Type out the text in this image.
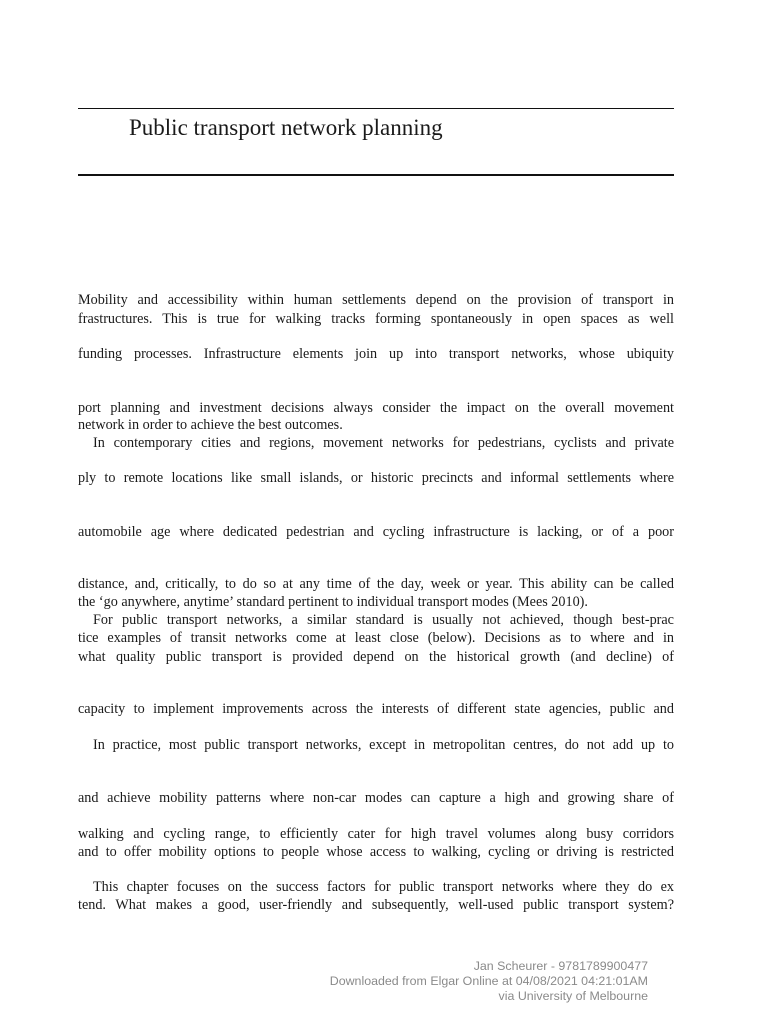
Public transport network planning
Mobility and accessibility within human settlements depend on the provision of transport in
frastructures. This is true for walking tracks forming spontaneously in open spaces as well
funding processes. Infrastructure elements join up into transport networks, whose ubiquity
port planning and investment decisions always consider the impact on the overall movement
network in order to achieve the best outcomes.
In contemporary cities and regions, movement networks for pedestrians, cyclists and private
ply to remote locations like small islands, or historic precincts and informal settlements where
automobile age where dedicated pedestrian and cycling infrastructure is lacking, or of a poor
distance, and, critically, to do so at any time of the day, week or year. This ability can be called
the ‘go anywhere, anytime’ standard pertinent to individual transport modes (Mees 2010).
For public transport networks, a similar standard is usually not achieved, though best-prac
tice examples of transit networks come at least close (below). Decisions as to where and in
what quality public transport is provided depend on the historical growth (and decline) of
capacity to implement improvements across the interests of different state agencies, public and
In practice, most public transport networks, except in metropolitan centres, do not add up to
and achieve mobility patterns where non-car modes can capture a high and growing share of
walking and cycling range, to efficiently cater for high travel volumes along busy corridors
and to offer mobility options to people whose access to walking, cycling or driving is restricted
This chapter focuses on the success factors for public transport networks where they do ex
tend. What makes a good, user-friendly and subsequently, well-used public transport system?
Jan Scheurer - 9781789900477
Downloaded from Elgar Online at 04/08/2021 04:21:01AM
via University of Melbourne
